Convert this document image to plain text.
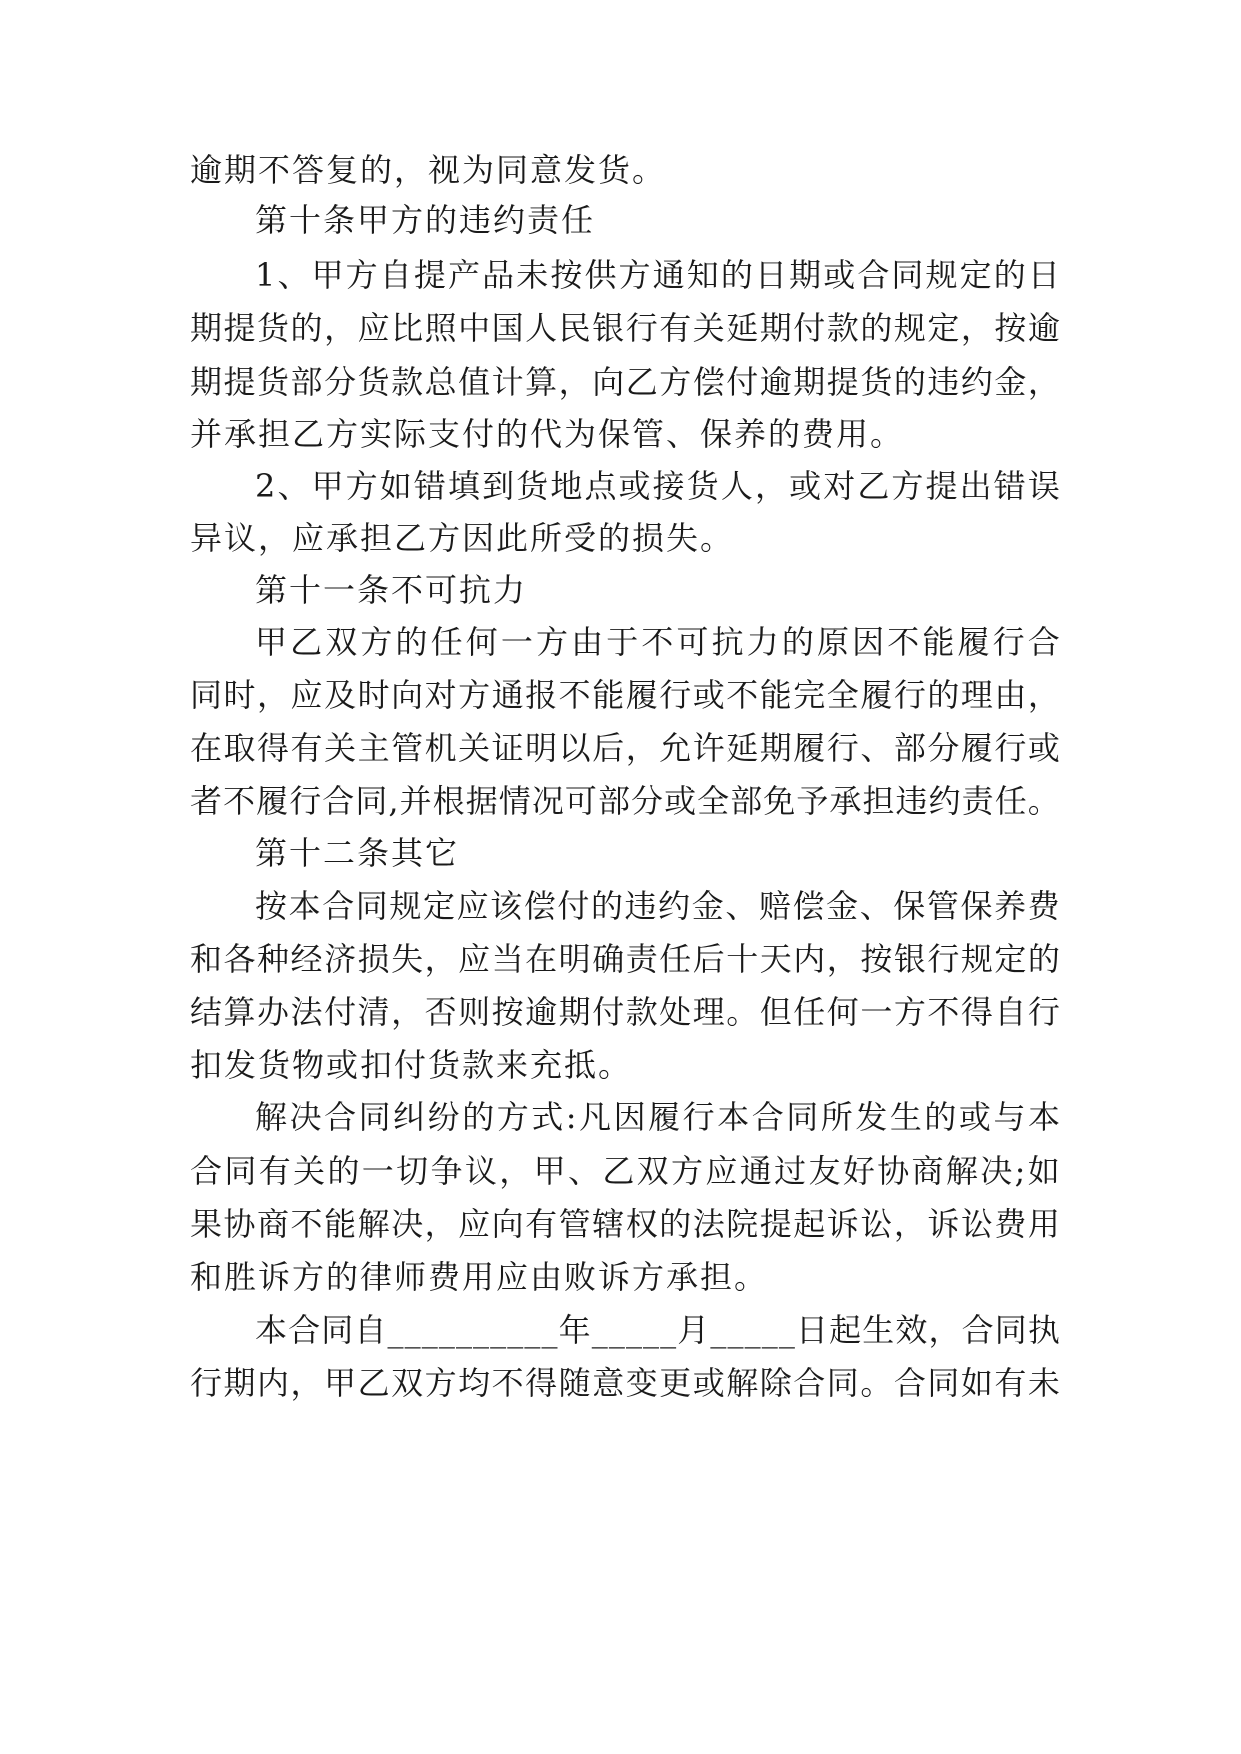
逾期不答复的，视为同意发货。
第十条甲方的违约责任
1 、 甲 方 自 提 产 品 未 按 供 方 通 知 的 日 期 或 合 同 规 定 的 日
期 提 货 的 ， 应 比 照 中 国 人 民 银 行 有 关 延 期 付 款 的 规 定 ， 按 逾
期 提 货 部 分 货 款 总 值 计 算 ， 向 乙 方 偿 付 逾 期 提 货 的 违 约 金 ，
并承担乙方实际支付的代为保管、保养的费用。
2 、 甲 方 如 错 填 到 货 地 点 或 接 货 人 ， 或 对 乙 方 提 出 错 误
异议，应承担乙方因此所受的损失。
第十一条不可抗力
甲 乙 双 方 的 任 何 一 方 由 于 不 可 抗 力 的 原 因 不 能 履 行 合
同 时 ， 应 及 时 向 对 方 通 报 不 能 履 行 或 不 能 完 全 履 行 的 理 由 ，
在 取 得 有 关 主 管 机 关 证 明 以 后 ， 允 许 延 期 履 行 、 部 分 履 行 或
者 不 履 行 合 同 , 并 根 据 情 况 可 部 分 或 全 部 免 予 承 担 违 约 责 任 。
第十二条其它
按 本 合 同 规 定 应 该 偿 付 的 违 约 金 、 赔 偿 金 、 保 管 保 养 费
和 各 种 经 济 损 失 ， 应 当 在 明 确 责 任 后 十 天 内 ， 按 银 行 规 定 的
结 算 办 法 付 清 ， 否 则 按 逾 期 付 款 处 理 。 但 任 何 一 方 不 得 自 行
扣发货物或扣付货款来充抵。
解 决 合 同 纠 纷 的 方 式 : 凡 因 履 行 本 合 同 所 发 生 的 或 与 本
合 同 有 关 的 一 切 争 议 ， 甲 、 乙 双 方 应 通 过 友 好 协 商 解 决 ; 如
果 协 商 不 能 解 决 ， 应 向 有 管 辖 权 的 法 院 提 起 诉 讼 ， 诉 讼 费 用
和胜诉方的律师费用应由败诉方承担。
本 合 同 自 _ _ _ _ _ _ _ _ _ _ 年 _ _ _ _ _ 月 _ _ _ _ _ 日 起 生 效 ， 合 同 执
行 期 内 ， 甲 乙 双 方 均 不 得 随 意 变 更 或 解 除 合 同 。 合 同 如 有 未
